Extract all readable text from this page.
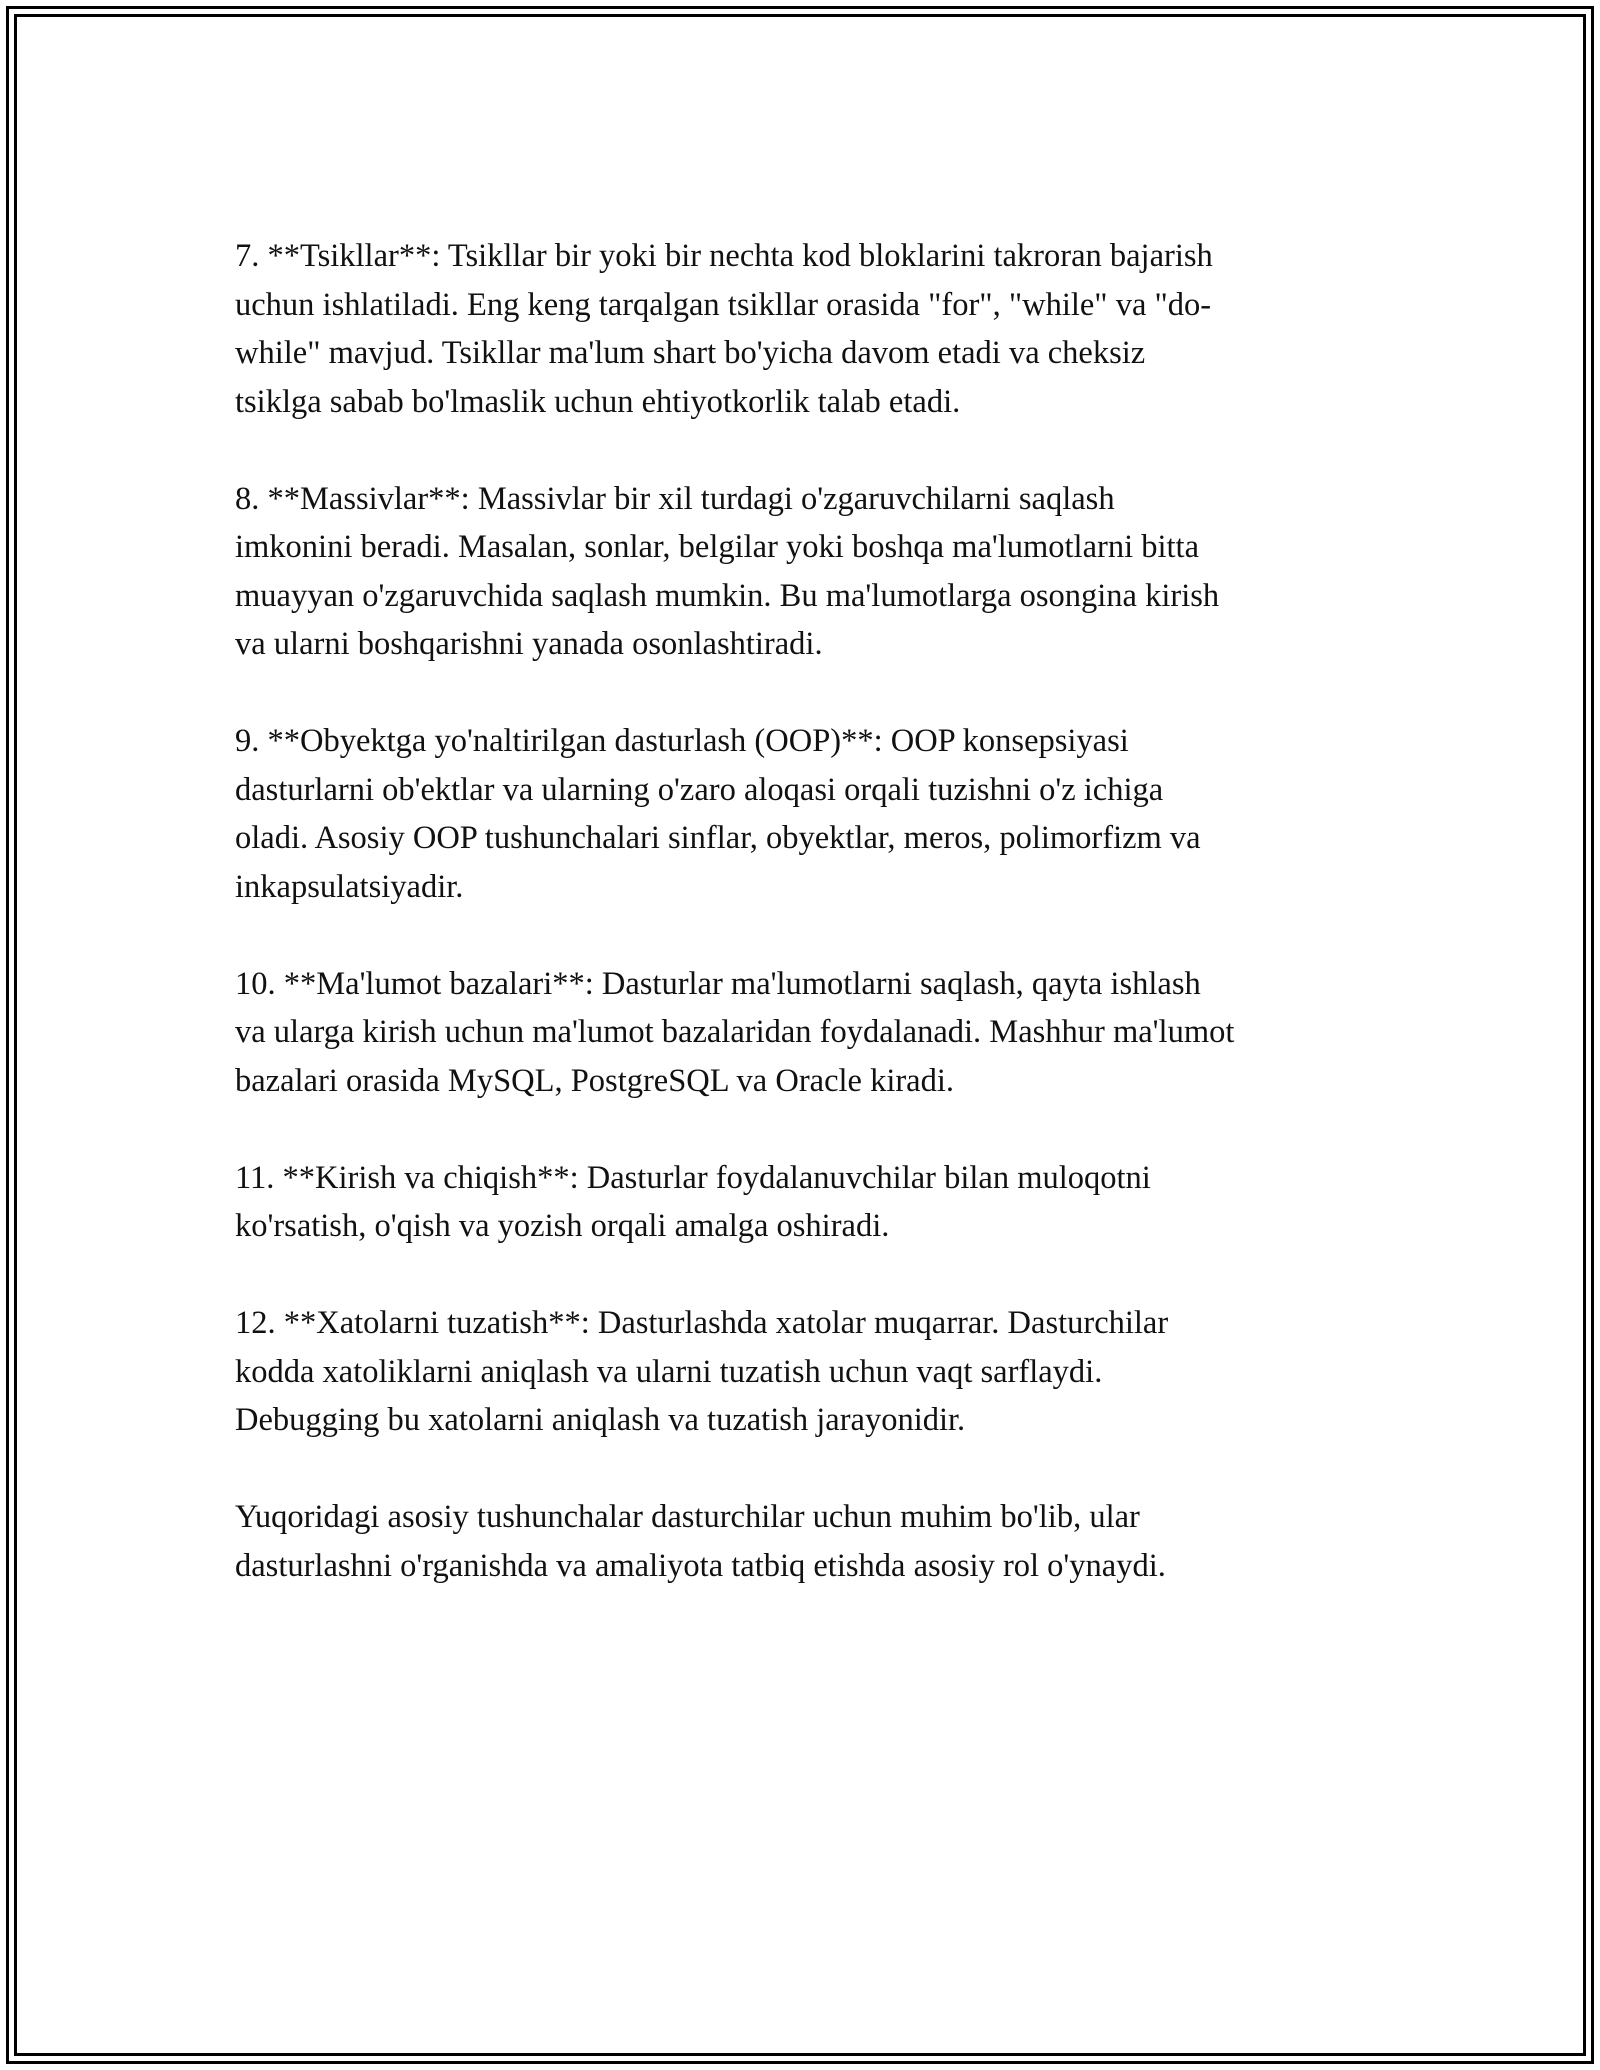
7. **Tsikllar**: Tsikllar bir yoki bir nechta kod bloklarini takroran bajarish
uchun ishlatiladi. Eng keng tarqalgan tsikllar orasida "for", "while" va "do-
while" mavjud. Tsikllar ma'lum shart bo'yicha davom etadi va cheksiz
tsiklga sabab bo'lmaslik uchun ehtiyotkorlik talab etadi.

8. **Massivlar**: Massivlar bir xil turdagi o'zgaruvchilarni saqlash
imkonini beradi. Masalan, sonlar, belgilar yoki boshqa ma'lumotlarni bitta
muayyan o'zgaruvchida saqlash mumkin. Bu ma'lumotlarga osongina kirish
va ularni boshqarishni yanada osonlashtiradi.

9. **Obyektga yo'naltirilgan dasturlash (OOP)**: OOP konsepsiyasi
dasturlarni ob'ektlar va ularning o'zaro aloqasi orqali tuzishni o'z ichiga
oladi. Asosiy OOP tushunchalari sinflar, obyektlar, meros, polimorfizm va
inkapsulatsiyadir.

10. **Ma'lumot bazalari**: Dasturlar ma'lumotlarni saqlash, qayta ishlash
va ularga kirish uchun ma'lumot bazalaridan foydalanadi. Mashhur ma'lumot
bazalari orasida MySQL, PostgreSQL va Oracle kiradi.

11. **Kirish va chiqish**: Dasturlar foydalanuvchilar bilan muloqotni
ko'rsatish, o'qish va yozish orqali amalga oshiradi.

12. **Xatolarni tuzatish**: Dasturlashda xatolar muqarrar. Dasturchilar
kodda xatoliklarni aniqlash va ularni tuzatish uchun vaqt sarflaydi.
Debugging bu xatolarni aniqlash va tuzatish jarayonidir.

Yuqoridagi asosiy tushunchalar dasturchilar uchun muhim bo'lib, ular
dasturlashni o'rganishda va amaliyota tatbiq etishda asosiy rol o'ynaydi.
